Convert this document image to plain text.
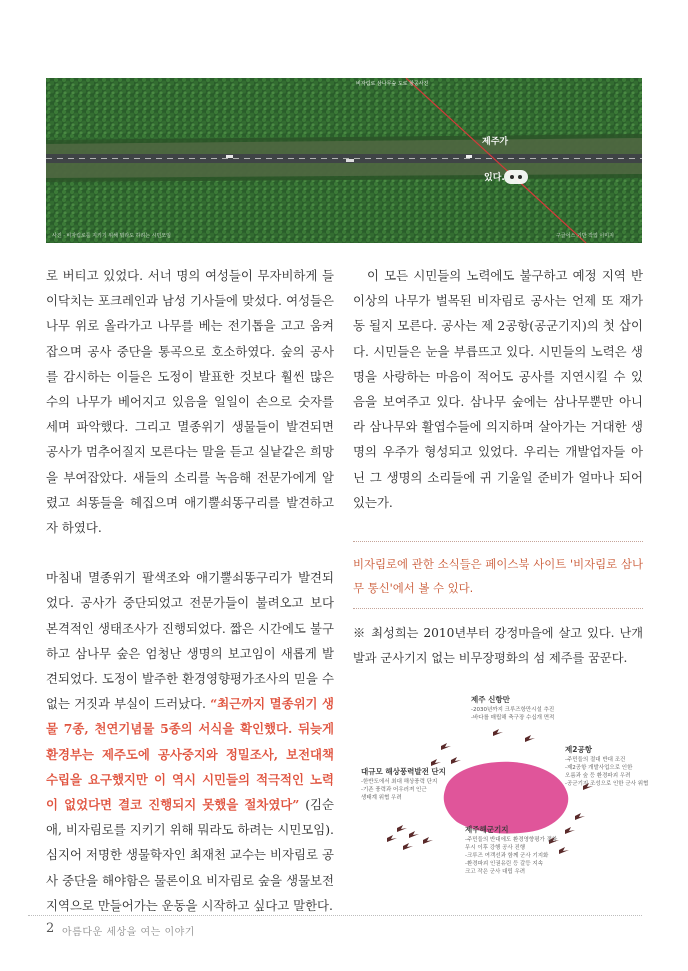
비자림로 삼나무숲 도로 항공사진
제주가
있다.
사진 · 비자림로를 지키기 위해 뭐라도 하려는 시민모임	구글어스 기반 작업 이미지

로 버티고 있었다. 서너 명의 여성들이 무자비하게 들이닥치는 포크레인과 남성 기사들에 맞섰다. 여성들은 나무 위로 올라가고 나무를 베는 전기톱을 고고 움켜잡으며 공사 중단을 통곡으로 호소하였다. 숲의 공사를 감시하는 이들은 도정이 발표한 것보다 훨씬 많은 수의 나무가 베어지고 있음을 일일이 손으로 숫자를 세며 파악했다. 그리고 멸종위기 생물들이 발견되면 공사가 멈추어질지 모른다는 말을 듣고 실낱같은 희망을 부여잡았다. 새들의 소리를 녹음해 전문가에게 알렸고 쇠똥들을 헤집으며 애기뿔쇠똥구리를 발견하고자 하였다.

마침내 멸종위기 팔색조와 애기뿔쇠똥구리가 발견되었다. 공사가 중단되었고 전문가들이 불려오고 보다 본격적인 생태조사가 진행되었다. 짧은 시간에도 불구하고 삼나무 숲은 엄청난 생명의 보고임이 새롭게 발견되었다. 도정이 발주한 환경영향평가조사의 믿을 수 없는 거짓과 부실이 드러났다. “최근까지 멸종위기 생물 7종, 천연기념물 5종의 서식을 확인했다. 뒤늦게 환경부는 제주도에 공사중지와 정밀조사, 보전대책 수립을 요구했지만 이 역시 시민들의 적극적인 노력이 없었다면 결코 진행되지 못했을 절차였다” (김순애, 비자림로를 지키기 위해 뭐라도 하려는 시민모임). 심지어 저명한 생물학자인 최재천 교수는 비자림로 공사 중단을 해야함은 물론이요 비자림로 숲을 생물보전지역으로 만들어가는 운동을 시작하고 싶다고 말한다.

이 모든 시민들의 노력에도 불구하고 예정 지역 반 이상의 나무가 벌목된 비자림로 공사는 언제 또 재가동 될지 모른다. 공사는 제 2공항(공군기지)의 첫 삽이다. 시민들은 눈을 부릅뜨고 있다. 시민들의 노력은 생명을 사랑하는 마음이 적어도 공사를 지연시킬 수 있음을 보여주고 있다. 삼나무 숲에는 삼나무뿐만 아니라 삼나무와 활엽수들에 의지하며 살아가는 거대한 생명의 우주가 형성되고 있었다. 우리는 개발업자들 아닌 그 생명의 소리들에 귀 기울일 준비가 얼마나 되어 있는가.

비자림로에 관한 소식들은 페이스북 사이트 '비자림로 삼나무 통신'에서 볼 수 있다.

※ 최성희는 2010년부터 강정마을에 살고 있다. 난개발과 군사기지 없는 비무장평화의 섬 제주를 꿈꾼다.

제주 신항만
-2030년까지 크루즈항만시설 추진
-바다를 매립해 축구장 수십개 면적
제2공항
-주민들의 절대 반대 조건
-제2공항 개발사업으로 인한
오름과 숲 등 환경파괴 우려
-공군기지 조성으로 인한 군사 위협
대규모 해상풍력발전 단지
-한반도에서 최대 해상풍력 단지
-기존 풍력과 어우러져 인근
생태계 위협 우려
제주해군기지
-주민들의 반대에도 환경영향평가 절차
무시 이후 강행 공사 진행
-크루즈 여객선과 함께 군사 기지화
-환경파괴 인권유린 등 갈등 지속
크고 작은 군사 대립 우려
2 아름다운 세상을 여는 이야기
